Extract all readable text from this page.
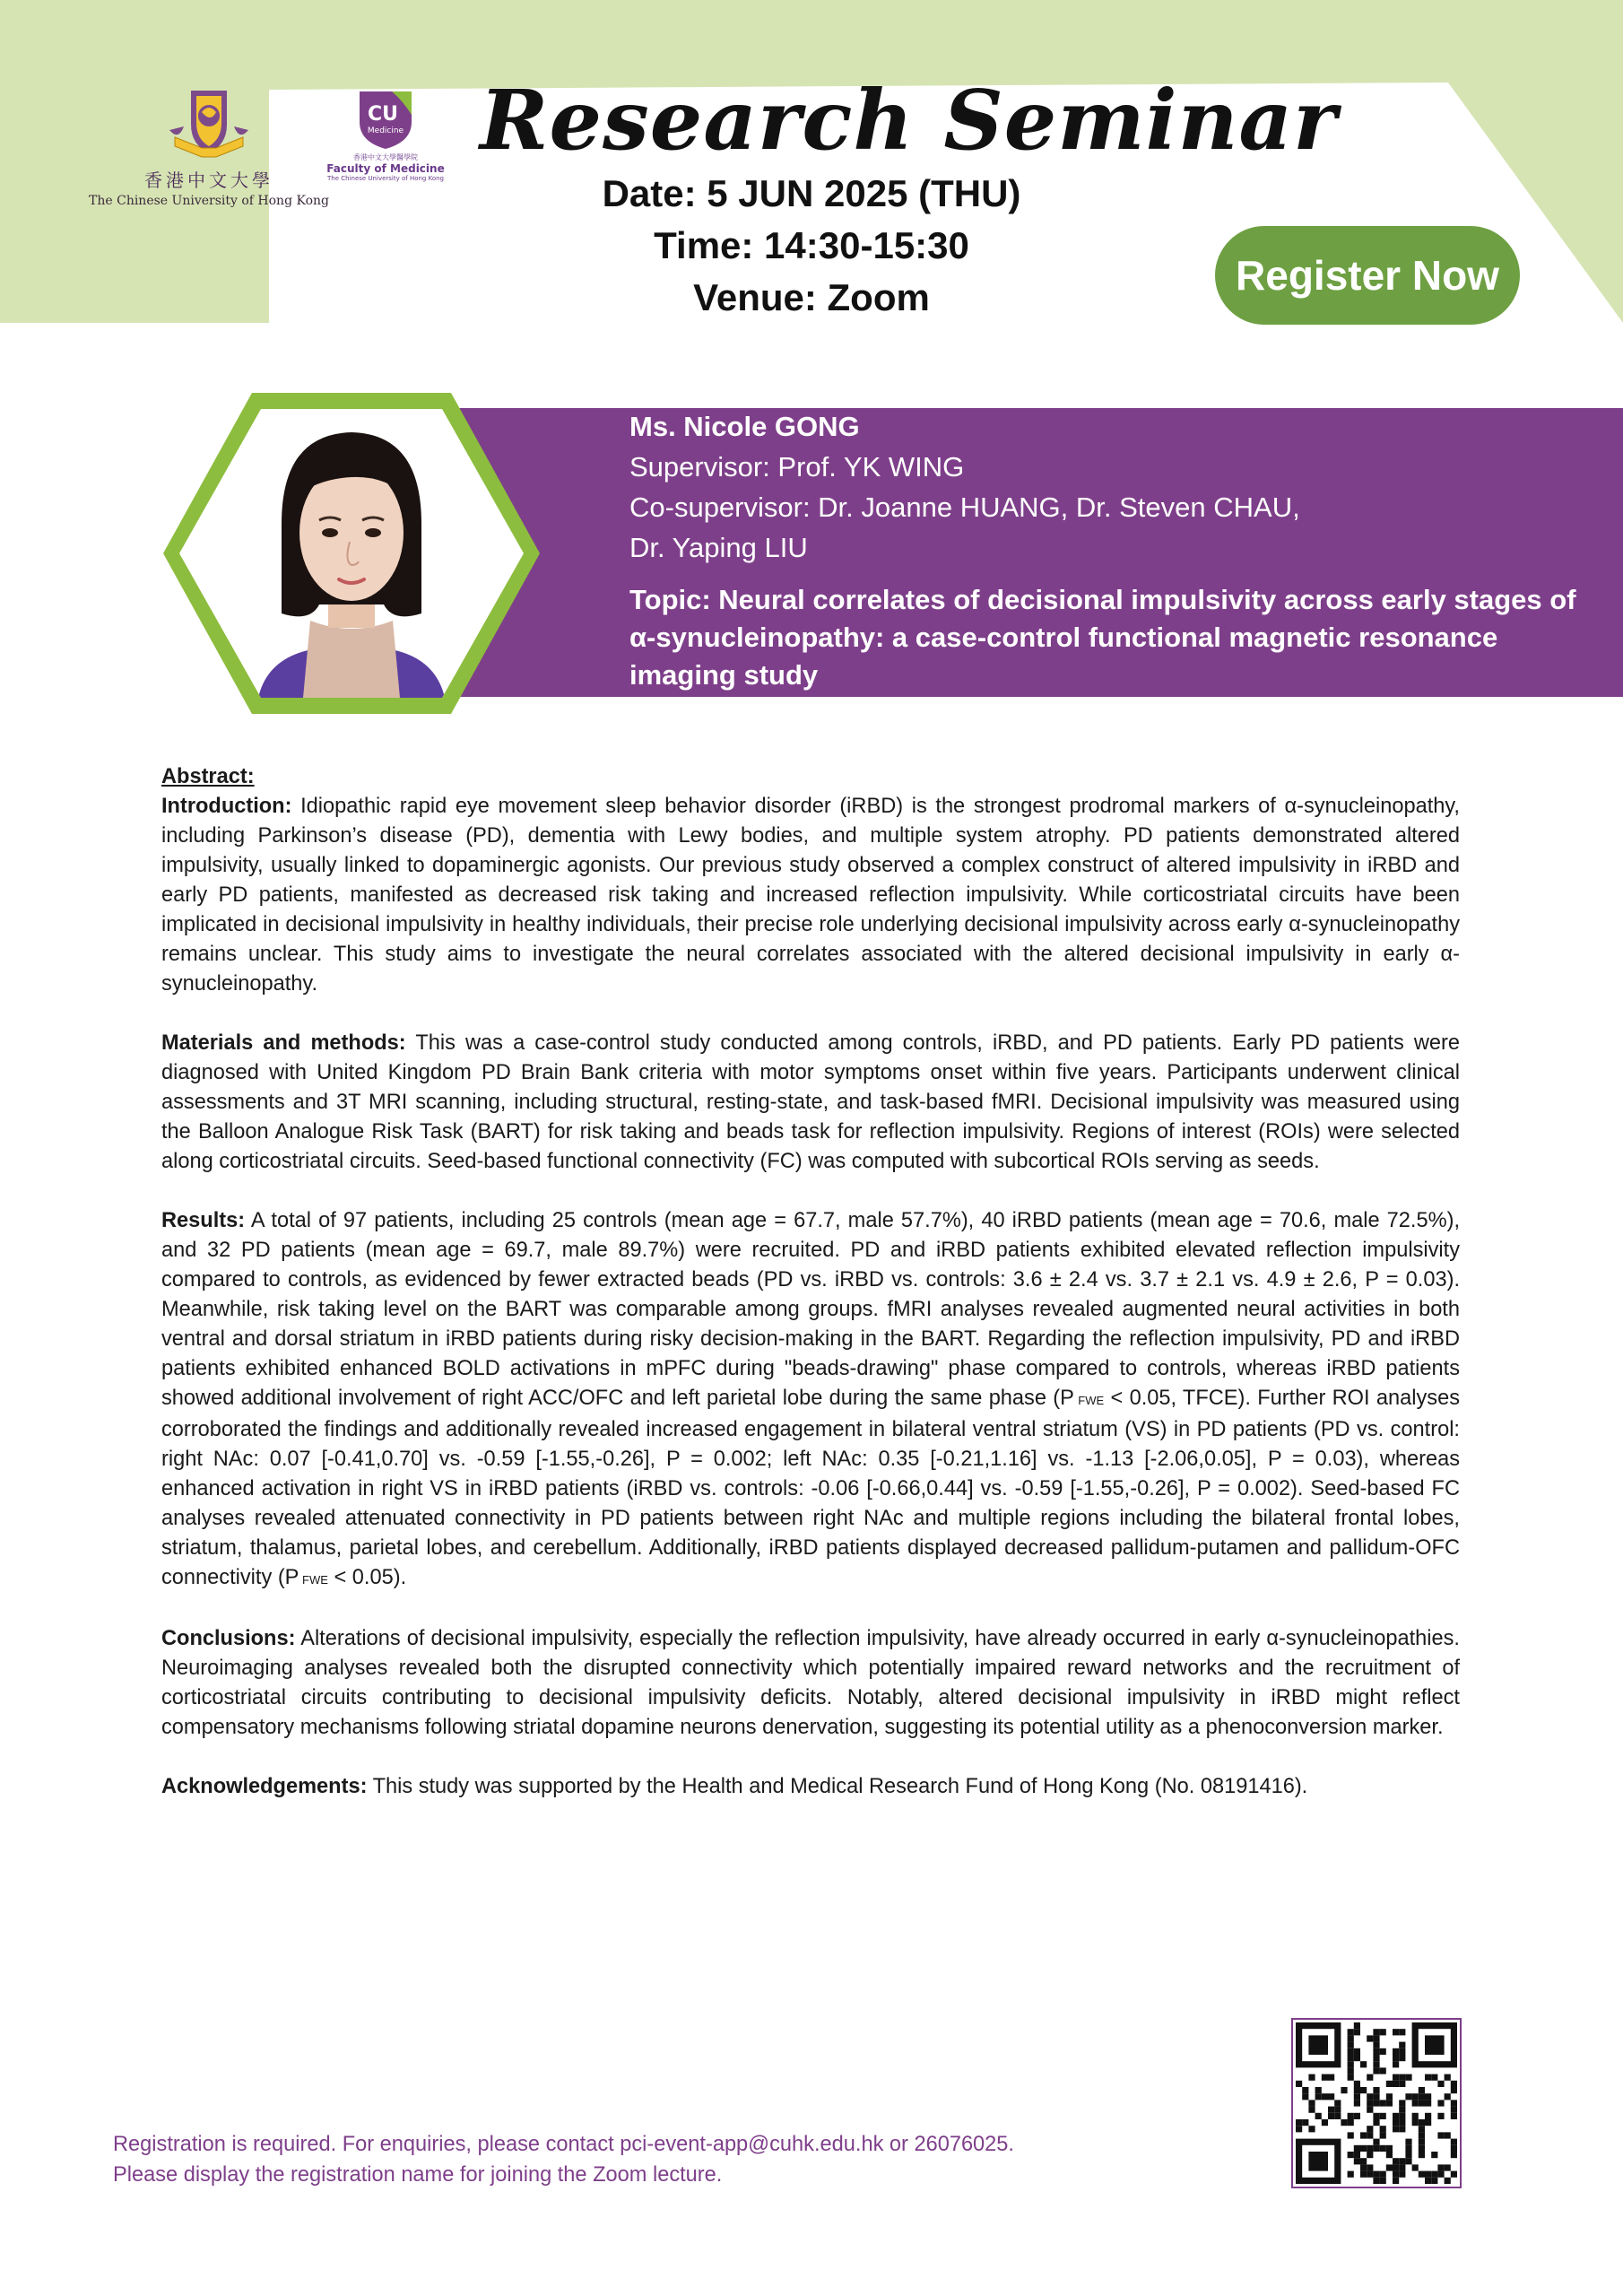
香港中文大學
The Chinese University of Hong Kong
CU
Medicine
香港中文大學醫學院
Faculty of Medicine
The Chinese University of Hong Kong
Research Seminar
Date: 5 JUN 2025 (THU)
Time: 14:30-15:30
Venue: Zoom	Register Now
Ms. Nicole GONG
Supervisor: Prof. YK WING
Co-supervisor: Dr. Joanne HUANG, Dr. Steven CHAU,
Dr. Yaping LIU
Topic: Neural correlates of decisional impulsivity across early stages of α-synucleinopathy: a case-control functional magnetic resonance imaging study
Abstract:

Introduction: Idiopathic rapid eye movement sleep behavior disorder (iRBD) is the strongest prodromal markers of α-synucleinopathy, including Parkinson’s disease (PD), dementia with Lewy bodies, and multiple system atrophy. PD patients demonstrated altered impulsivity, usually linked to dopaminergic agonists. Our previous study observed a complex construct of altered impulsivity in iRBD and early PD patients, manifested as decreased risk taking and increased reflection impulsivity. While corticostriatal circuits have been implicated in decisional impulsivity in healthy individuals, their precise role underlying decisional impulsivity across early α-synucleinopathy remains unclear. This study aims to investigate the neural correlates associated with the altered decisional impulsivity in early α-synucleinopathy.

Materials and methods: This was a case-control study conducted among controls, iRBD, and PD patients. Early PD patients were diagnosed with United Kingdom PD Brain Bank criteria with motor symptoms onset within five years. Participants underwent clinical assessments and 3T MRI scanning, including structural, resting-state, and task-based fMRI. Decisional impulsivity was measured using the Balloon Analogue Risk Task (BART) for risk taking and beads task for reflection impulsivity. Regions of interest (ROIs) were selected along corticostriatal circuits. Seed-based functional connectivity (FC) was computed with subcortical ROIs serving as seeds.

Results: A total of 97 patients, including 25 controls (mean age = 67.7, male 57.7%), 40 iRBD patients (mean age = 70.6, male 72.5%), and 32 PD patients (mean age = 69.7, male 89.7%) were recruited. PD and iRBD patients exhibited elevated reflection impulsivity compared to controls, as evidenced by fewer extracted beads (PD vs. iRBD vs. controls: 3.6 ± 2.4 vs. 3.7 ± 2.1 vs. 4.9 ± 2.6, P = 0.03). Meanwhile, risk taking level on the BART was comparable among groups. fMRI analyses revealed augmented neural activities in both ventral and dorsal striatum in iRBD patients during risky decision-making in the BART. Regarding the reflection impulsivity, PD and iRBD patients exhibited enhanced BOLD activations in mPFC during "beads-drawing" phase compared to controls, whereas iRBD patients showed additional involvement of right ACC/OFC and left parietal lobe during the same phase (P FWE < 0.05, TFCE). Further ROI analyses corroborated the findings and additionally revealed increased engagement in bilateral ventral striatum (VS) in PD patients (PD vs. control: right NAc: 0.07 [-0.41,0.70] vs. -0.59 [-1.55,-0.26], P = 0.002; left NAc: 0.35 [-0.21,1.16] vs. -1.13 [-2.06,0.05], P = 0.03), whereas enhanced activation in right VS in iRBD patients (iRBD vs. controls: -0.06 [-0.66,0.44] vs. -0.59 [-1.55,-0.26], P = 0.002). Seed-based FC analyses revealed attenuated connectivity in PD patients between right NAc and multiple regions including the bilateral frontal lobes, striatum, thalamus, parietal lobes, and cerebellum. Additionally, iRBD patients displayed decreased pallidum-putamen and pallidum-OFC connectivity (P FWE < 0.05).

Conclusions: Alterations of decisional impulsivity, especially the reflection impulsivity, have already occurred in early α-synucleinopathies. Neuroimaging analyses revealed both the disrupted connectivity which potentially impaired reward networks and the recruitment of corticostriatal circuits contributing to decisional impulsivity deficits. Notably, altered decisional impulsivity in iRBD might reflect compensatory mechanisms following striatal dopamine neurons denervation, suggesting its potential utility as a phenoconversion marker.

Acknowledgements: This study was supported by the Health and Medical Research Fund of Hong Kong (No. 08191416).

Registration is required. For enquiries, please contact pci-event-app@cuhk.edu.hk or 26076025.
Please display the registration name for joining the Zoom lecture.
